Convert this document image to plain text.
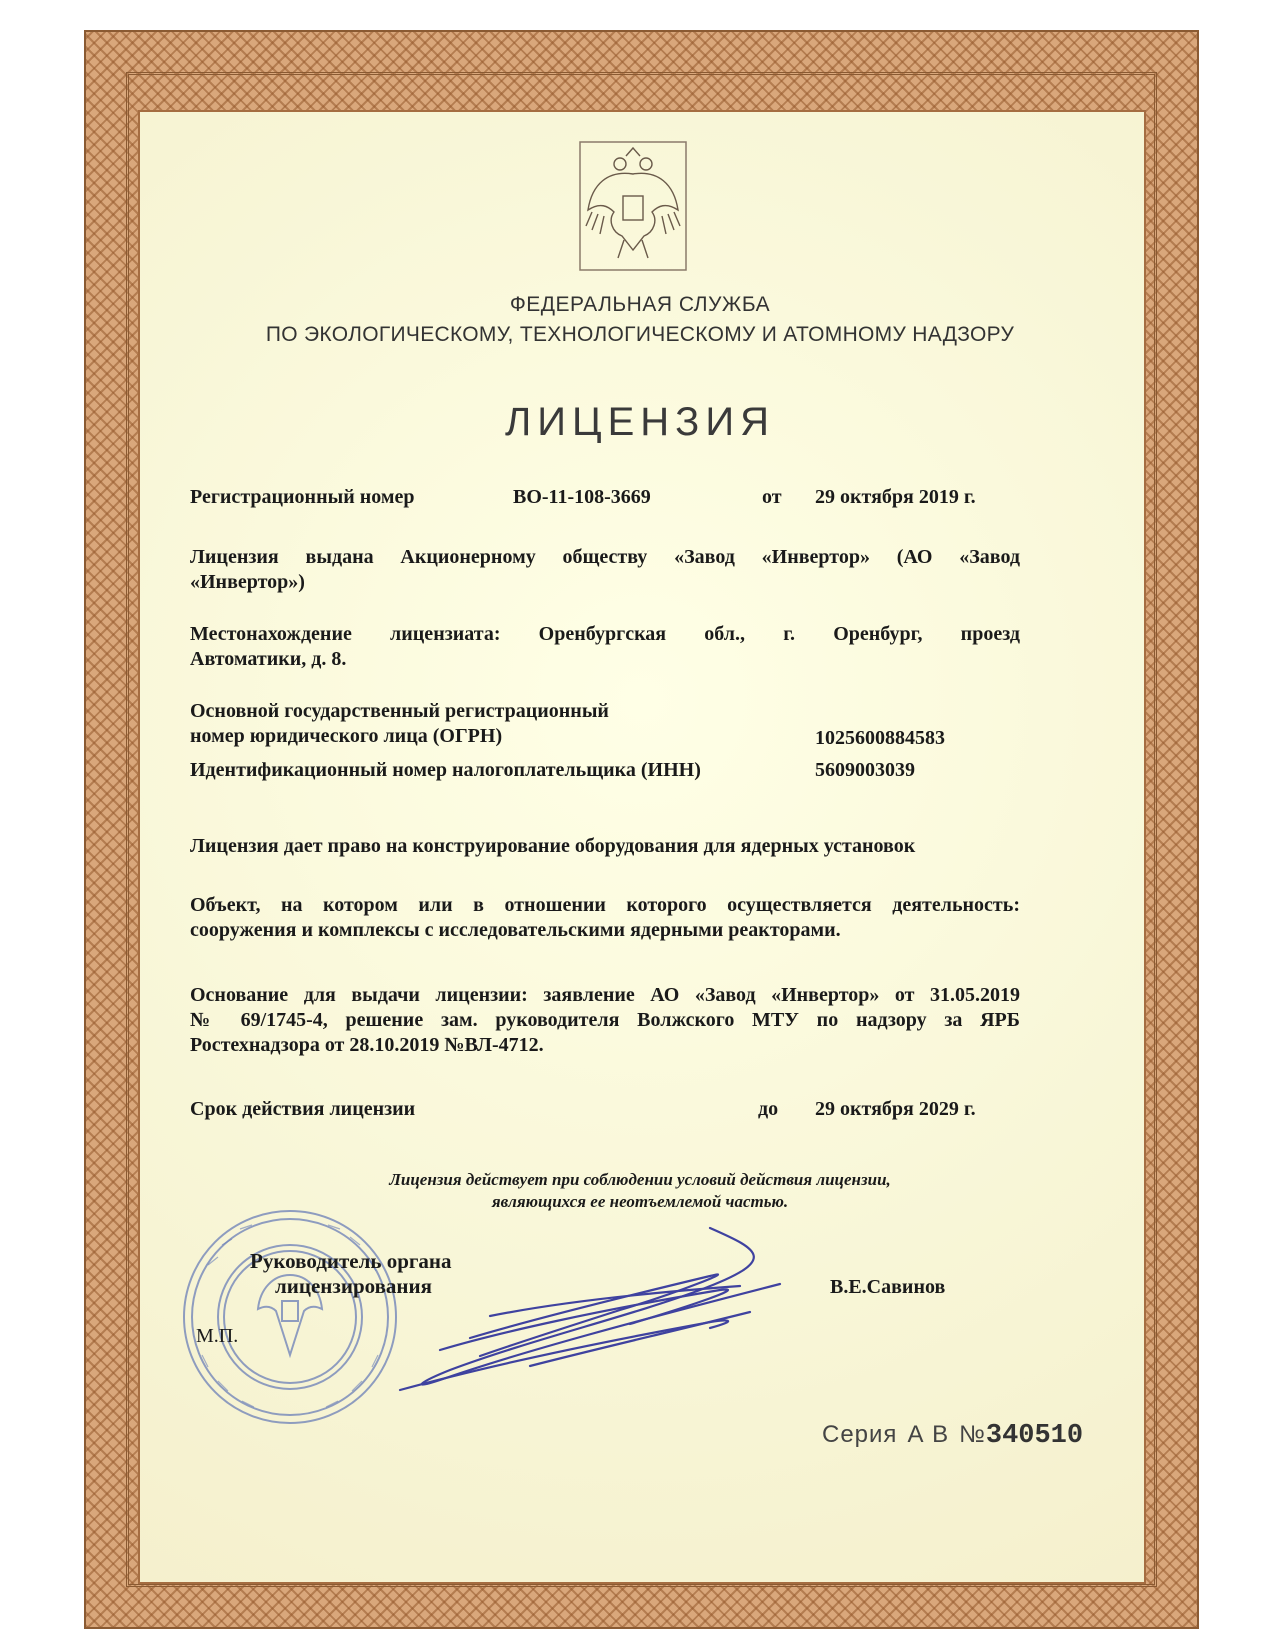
ФЕДЕРАЛЬНАЯ СЛУЖБА
ПО ЭКОЛОГИЧЕСКОМУ, ТЕХНОЛОГИЧЕСКОМУ И АТОМНОМУ НАДЗОРУ
ЛИЦЕНЗИЯ
Регистрационный номер	ВО-11-108-3669	от 29 октября 2019 г.
Лицензия выдана Акционерному обществу «Завод «Инвертор» (АО «Завод
«Инвертор»)
Местонахождение лицензиата: Оренбургская обл., г. Оренбург, проезд
Автоматики, д. 8.
Основной государственный регистрационный
номер юридического лица (ОГРН)	1025600884583
Идентификационный номер налогоплательщика (ИНН)	5609003039
Лицензия дает право на конструирование оборудования для ядерных установок
Объект, на котором или в отношении которого осуществляется деятельность:
сооружения и комплексы с исследовательскими ядерными реакторами.
Основание для выдачи лицензии: заявление АО «Завод «Инвертор» от 31.05.2019
№ 69/1745-4, решение зам. руководителя Волжского МТУ по надзору за ЯРБ
Ростехнадзора от 28.10.2019 №ВЛ-4712.
Срок действия лицензии	до 29 октября 2029 г.
Лицензия действует при соблюдении условий действия лицензии,
являющихся ее неотъемлемой частью.
Руководитель органа
лицензирования	В.Е.Савинов
М.П.
Серия А В №340510
